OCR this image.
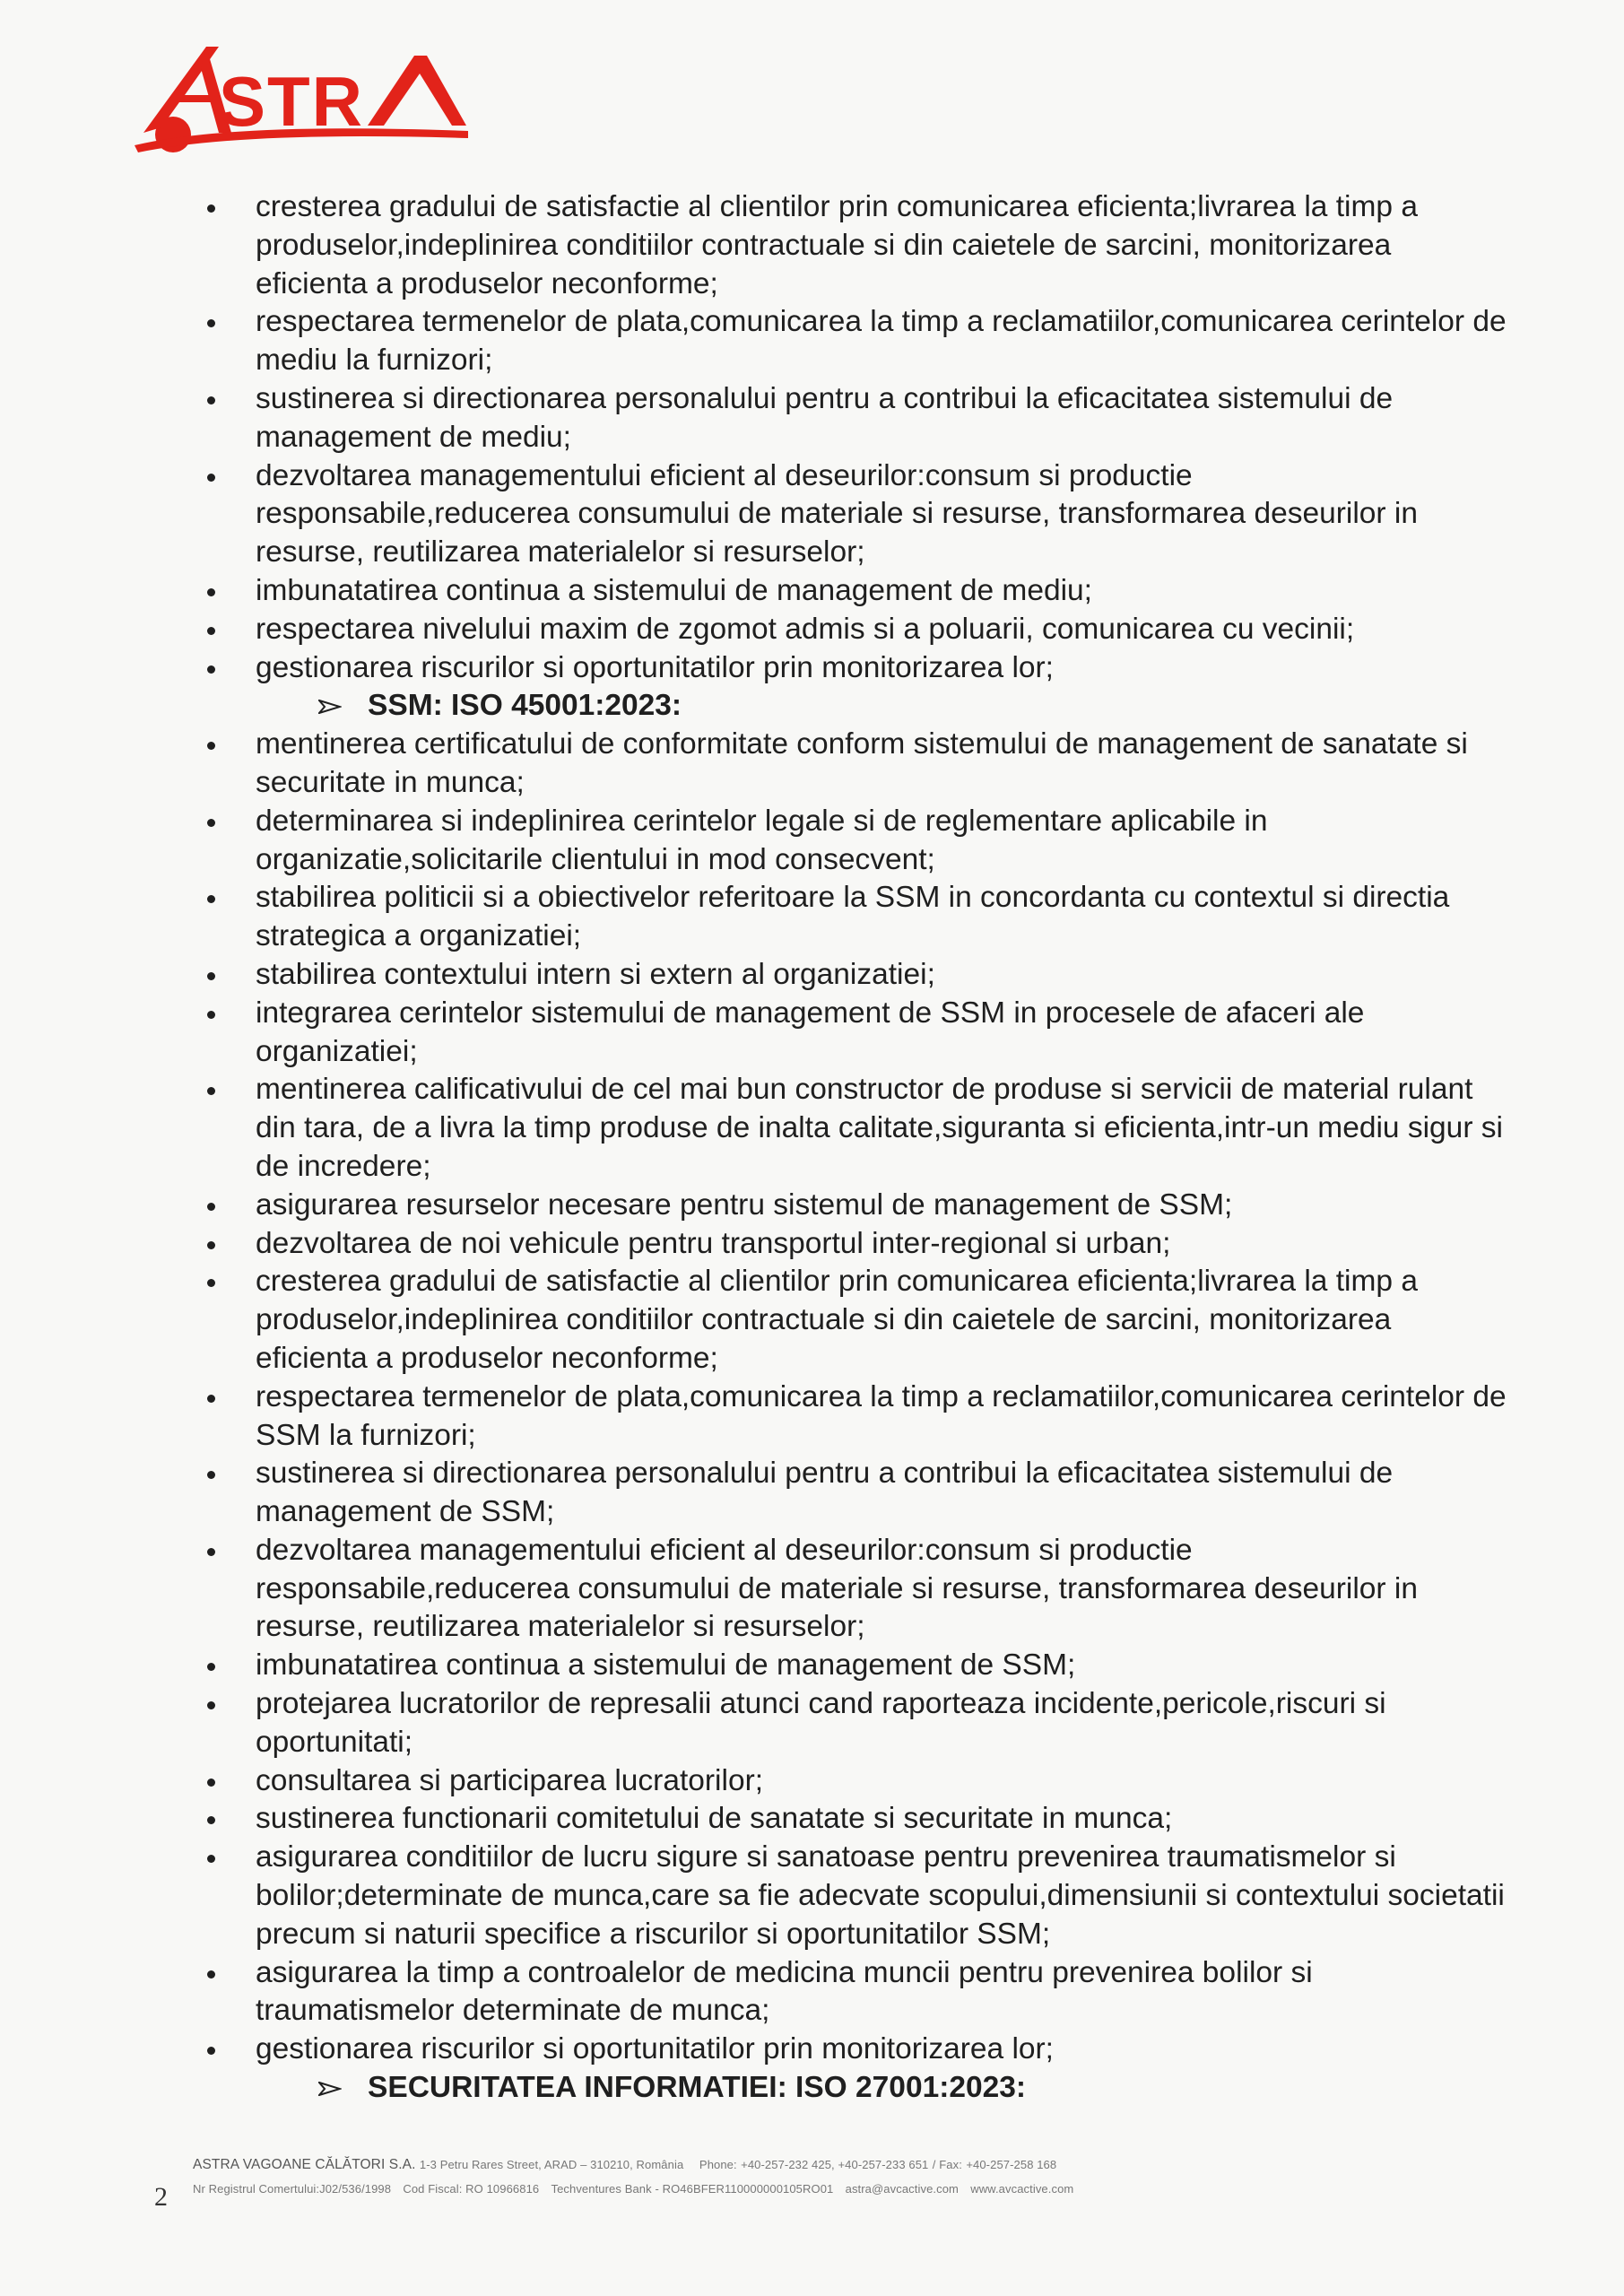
STR
cresterea gradului de satisfactie al clientilor prin comunicarea eficienta;livrarea la timp a produselor,indeplinirea conditiilor contractuale si din caietele de sarcini, monitorizarea eficienta a produselor neconforme;
respectarea termenelor de plata,comunicarea la timp a reclamatiilor,comunicarea cerintelor de mediu la furnizori;
sustinerea si directionarea personalului pentru a contribui la eficacitatea sistemului de management de mediu;
dezvoltarea managementului eficient al deseurilor:consum si productie responsabile,reducerea consumului de materiale si resurse, transformarea deseurilor in resurse, reutilizarea materialelor si resurselor;
imbunatatirea continua a sistemului de management de mediu;
respectarea nivelului maxim de zgomot admis si a poluarii, comunicarea cu vecinii;
gestionarea riscurilor si oportunitatilor prin monitorizarea lor;
SSM: ISO 45001:2023:
mentinerea certificatului de conformitate conform sistemului de management de sanatate si securitate in munca;
determinarea si indeplinirea cerintelor legale si de reglementare aplicabile in organizatie,solicitarile clientului in mod consecvent;
stabilirea politicii si a obiectivelor referitoare la SSM in concordanta cu contextul si directia strategica a organizatiei;
stabilirea contextului intern si extern al organizatiei;
integrarea cerintelor sistemului de management de SSM in procesele de afaceri ale organizatiei;
mentinerea calificativului de cel mai bun constructor de produse si servicii de material rulant din tara, de a livra la timp produse de inalta calitate,siguranta si eficienta,intr-un mediu sigur si de incredere;
asigurarea resurselor necesare pentru sistemul de management de SSM;
dezvoltarea de noi vehicule pentru transportul inter-regional si urban;
cresterea gradului de satisfactie al clientilor prin comunicarea eficienta;livrarea la timp a produselor,indeplinirea conditiilor contractuale si din caietele de sarcini, monitorizarea eficienta a produselor neconforme;
respectarea termenelor de plata,comunicarea la timp a reclamatiilor,comunicarea cerintelor de SSM la furnizori;
sustinerea si directionarea personalului pentru a contribui la eficacitatea sistemului de management de SSM;
dezvoltarea managementului eficient al deseurilor:consum si productie responsabile,reducerea consumului de materiale si resurse, transformarea deseurilor in resurse, reutilizarea materialelor si resurselor;
imbunatatirea continua a sistemului de management de SSM;
protejarea lucratorilor de represalii atunci cand raporteaza incidente,pericole,riscuri si oportunitati;
consultarea si participarea lucratorilor;
sustinerea functionarii comitetului de sanatate si securitate in munca;
asigurarea conditiilor de lucru sigure si sanatoase pentru prevenirea traumatismelor si bolilor;determinate de munca,care sa fie adecvate scopului,dimensiunii si contextului societatii precum si naturii specifice a riscurilor si oportunitatilor SSM;
asigurarea la timp a controalelor de medicina muncii pentru prevenirea bolilor si traumatismelor determinate de munca;
gestionarea riscurilor si oportunitatilor prin monitorizarea lor;
SECURITATEA INFORMATIEI: ISO 27001:2023:
2
ASTRA VAGOANE CĂLĂTORI S.A. 1-3 Petru Rares Street, ARAD – 310210, România Phone: +40-257-232 425, +40-257-233 651 / Fax: +40-257-258 168
Nr Registrul Comertului:J02/536/1998 Cod Fiscal: RO 10966816 Techventures Bank - RO46BFER110000000105RO01 astra@avcactive.com www.avcactive.com
